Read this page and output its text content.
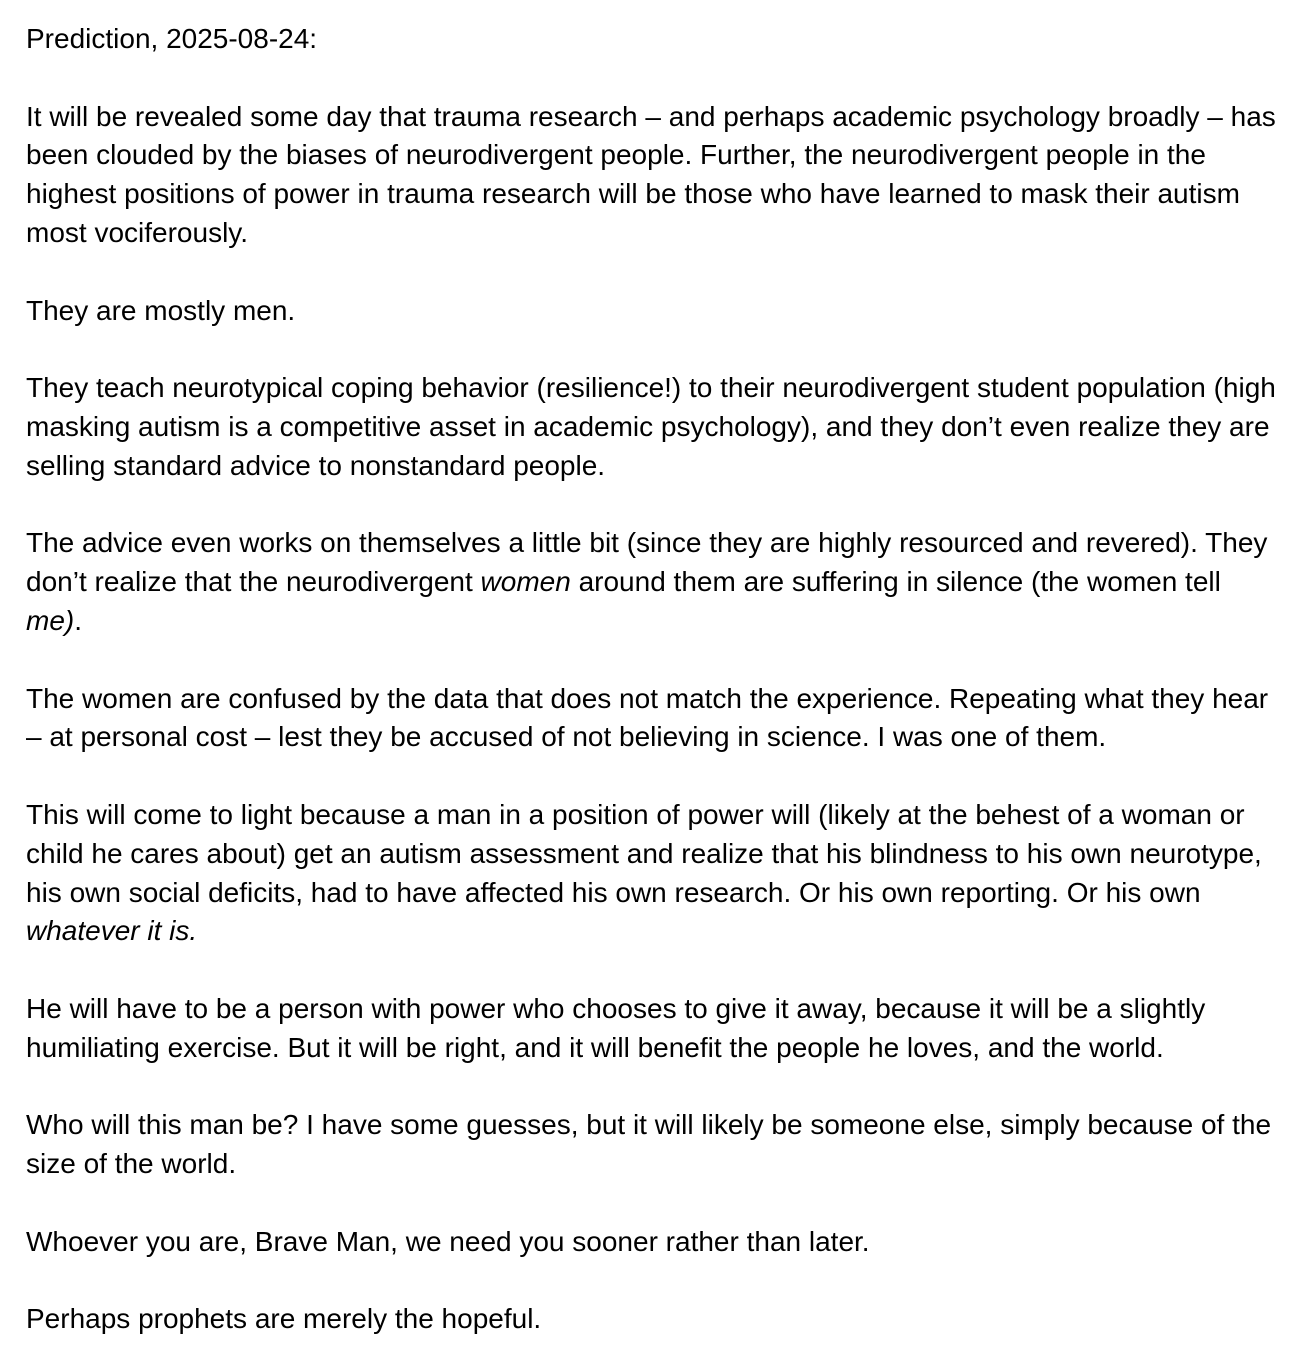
Prediction, 2025-08-24:

It will be revealed some day that trauma research – and perhaps academic psychology broadly – has been clouded by the biases of neurodivergent people. Further, the neurodivergent people in the highest positions of power in trauma research will be those who have learned to mask their autism most vociferously.

They are mostly men.

They teach neurotypical coping behavior (resilience!) to their neurodivergent student population (high masking autism is a competitive asset in academic psychology), and they don’t even realize they are selling standard advice to nonstandard people.

The advice even works on themselves a little bit (since they are highly resourced and revered). They don’t realize that the neurodivergent women around them are suffering in silence (the women tell me).

The women are confused by the data that does not match the experience. Repeating what they hear – at personal cost – lest they be accused of not believing in science. I was one of them.

This will come to light because a man in a position of power will (likely at the behest of a woman or child he cares about) get an autism assessment and realize that his blindness to his own neurotype, his own social deficits, had to have affected his own research. Or his own reporting. Or his own whatever it is.

He will have to be a person with power who chooses to give it away, because it will be a slightly humiliating exercise. But it will be right, and it will benefit the people he loves, and the world.

Who will this man be? I have some guesses, but it will likely be someone else, simply because of the size of the world.

Whoever you are, Brave Man, we need you sooner rather than later.

Perhaps prophets are merely the hopeful.
